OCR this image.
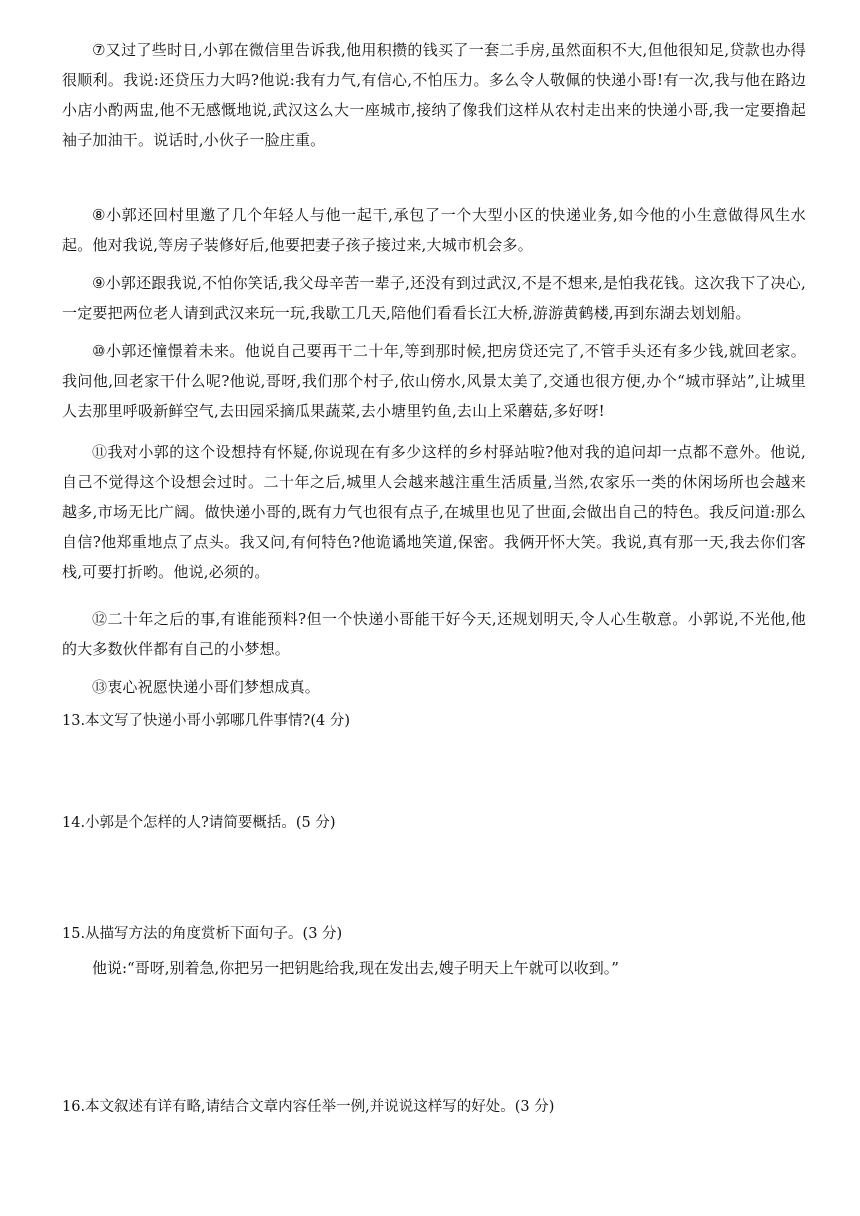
⑦又过了些时日,小郭在微信里告诉我,他用积攒的钱买了一套二手房,虽然面积不大,但他很知足,贷款也办得很顺利。我说:还贷压力大吗?他说:我有力气,有信心,不怕压力。多么令人敬佩的快递小哥!有一次,我与他在路边小店小酌两盅,他不无感慨地说,武汉这么大一座城市,接纳了像我们这样从农村走出来的快递小哥,我一定要撸起袖子加油干。说话时,小伙子一脸庄重。

⑧小郭还回村里邀了几个年轻人与他一起干,承包了一个大型小区的快递业务,如今他的小生意做得风生水起。他对我说,等房子装修好后,他要把妻子孩子接过来,大城市机会多。

⑨小郭还跟我说,不怕你笑话,我父母辛苦一辈子,还没有到过武汉,不是不想来,是怕我花钱。这次我下了决心,一定要把两位老人请到武汉来玩一玩,我歇工几天,陪他们看看长江大桥,游游黄鹤楼,再到东湖去划划船。

⑩小郭还憧憬着未来。他说自己要再干二十年,等到那时候,把房贷还完了,不管手头还有多少钱,就回老家。我问他,回老家干什么呢?他说,哥呀,我们那个村子,依山傍水,风景太美了,交通也很方便,办个“城市驿站”,让城里人去那里呼吸新鲜空气,去田园采摘瓜果蔬菜,去小塘里钓鱼,去山上采蘑菇,多好呀!

⑪我对小郭的这个设想持有怀疑,你说现在有多少这样的乡村驿站啦?他对我的追问却一点都不意外。他说,自己不觉得这个设想会过时。二十年之后,城里人会越来越注重生活质量,当然,农家乐一类的休闲场所也会越来越多,市场无比广阔。做快递小哥的,既有力气也很有点子,在城里也见了世面,会做出自己的特色。我反问道:那么自信?他郑重地点了点头。我又问,有何特色?他诡谲地笑道,保密。我俩开怀大笑。我说,真有那一天,我去你们客栈,可要打折哟。他说,必须的。

⑫二十年之后的事,有谁能预料?但一个快递小哥能干好今天,还规划明天,令人心生敬意。小郭说,不光他,他的大多数伙伴都有自己的小梦想。

⑬衷心祝愿快递小哥们梦想成真。

13.本文写了快递小哥小郭哪几件事情?(4 分)

14.小郭是个怎样的人?请简要概括。(5 分)

15.从描写方法的角度赏析下面句子。(3 分)

他说:“哥呀,别着急,你把另一把钥匙给我,现在发出去,嫂子明天上午就可以收到。”

16.本文叙述有详有略,请结合文章内容任举一例,并说说这样写的好处。(3 分)
